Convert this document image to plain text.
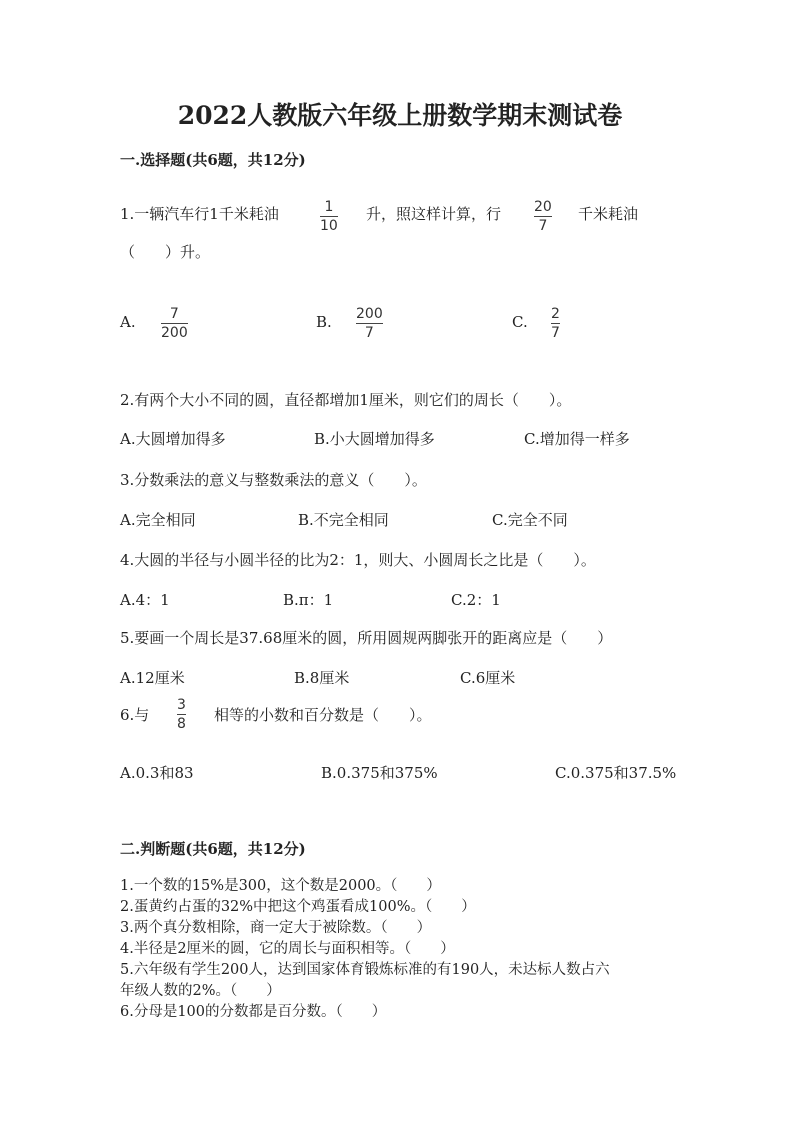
2022人教版六年级上册数学期末测试卷
一.选择题(共6题，共12分)
1.一辆汽车行1千米耗油	1
10
升，照这样计算，行 20
7
千米耗油
（　　）升。
A. 7
200
B. 200
7
C. 2
7
2.有两个大小不同的圆，直径都增加1厘米，则它们的周长（　　）。
A.大圆增加得多	B.小大圆增加得多	C.增加得一样多
3.分数乘法的意义与整数乘法的意义（　　）。
A.完全相同	B.不完全相同	C.完全不同
4.大圆的半径与小圆半径的比为2：1，则大、小圆周长之比是（　　）。
A.4：1	B.π：1	C.2：1
5.要画一个周长是37.68厘米的圆，所用圆规两脚张开的距离应是（　　）
A.12厘米	B.8厘米	C.6厘米
6.与
3
8 相等的小数和百分数是（　　）。
A.0.3和83	B.0.375和375%	C.0.375和37.5%
二.判断题(共6题，共12分)
1.一个数的15%是300，这个数是2000。（　　）
2.蛋黄约占蛋的32%中把这个鸡蛋看成100%。（　　）
3.两个真分数相除，商一定大于被除数。（　　）
4.半径是2厘米的圆，它的周长与面积相等。（　　）
5.六年级有学生200人，达到国家体育锻炼标准的有190人，未达标人数占六
年级人数的2%。（　　）
6.分母是100的分数都是百分数。（　　）
